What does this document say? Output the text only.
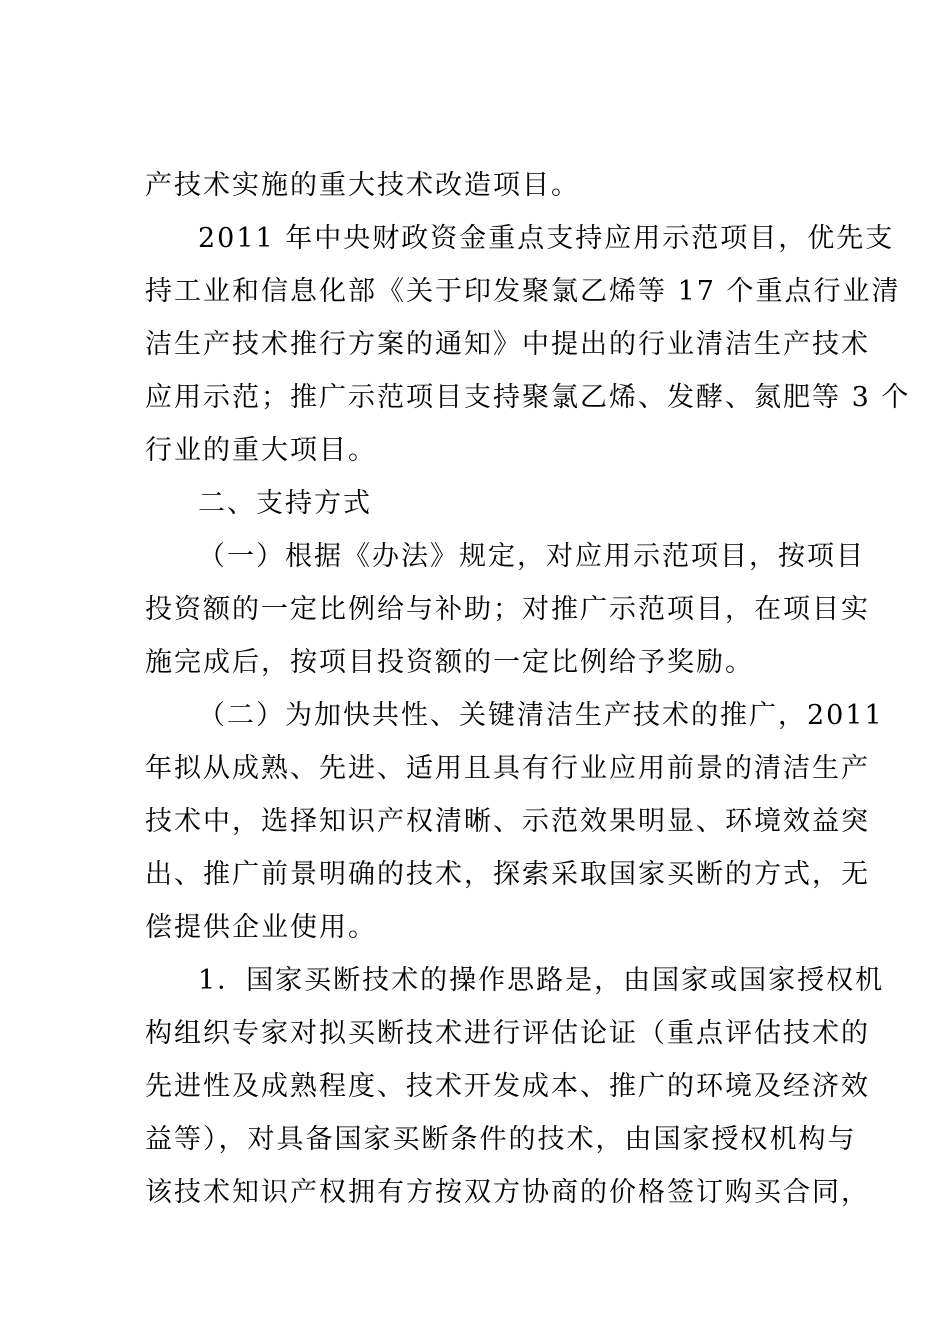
产技术实施的重大技术改造项目。
2011 年中央财政资金重点支持应用示范项目，优先支
持工业和信息化部《关于印发聚氯乙烯等 17 个重点行业清
洁生产技术推行方案的通知》中提出的行业清洁生产技术
应用示范；推广示范项目支持聚氯乙烯、发酵、氮肥等 3 个
行业的重大项目。
二、支持方式
（一）根据《办法》规定，对应用示范项目，按项目
投资额的一定比例给与补助；对推广示范项目，在项目实
施完成后，按项目投资额的一定比例给予奖励。
（二）为加快共性、关键清洁生产技术的推广，2011
年拟从成熟、先进、适用且具有行业应用前景的清洁生产
技术中，选择知识产权清晰、示范效果明显、环境效益突
出、推广前景明确的技术，探索采取国家买断的方式，无
偿提供企业使用。
1．国家买断技术的操作思路是，由国家或国家授权机
构组织专家对拟买断技术进行评估论证（重点评估技术的
先进性及成熟程度、技术开发成本、推广的环境及经济效
益等），对具备国家买断条件的技术，由国家授权机构与
该技术知识产权拥有方按双方协商的价格签订购买合同，
